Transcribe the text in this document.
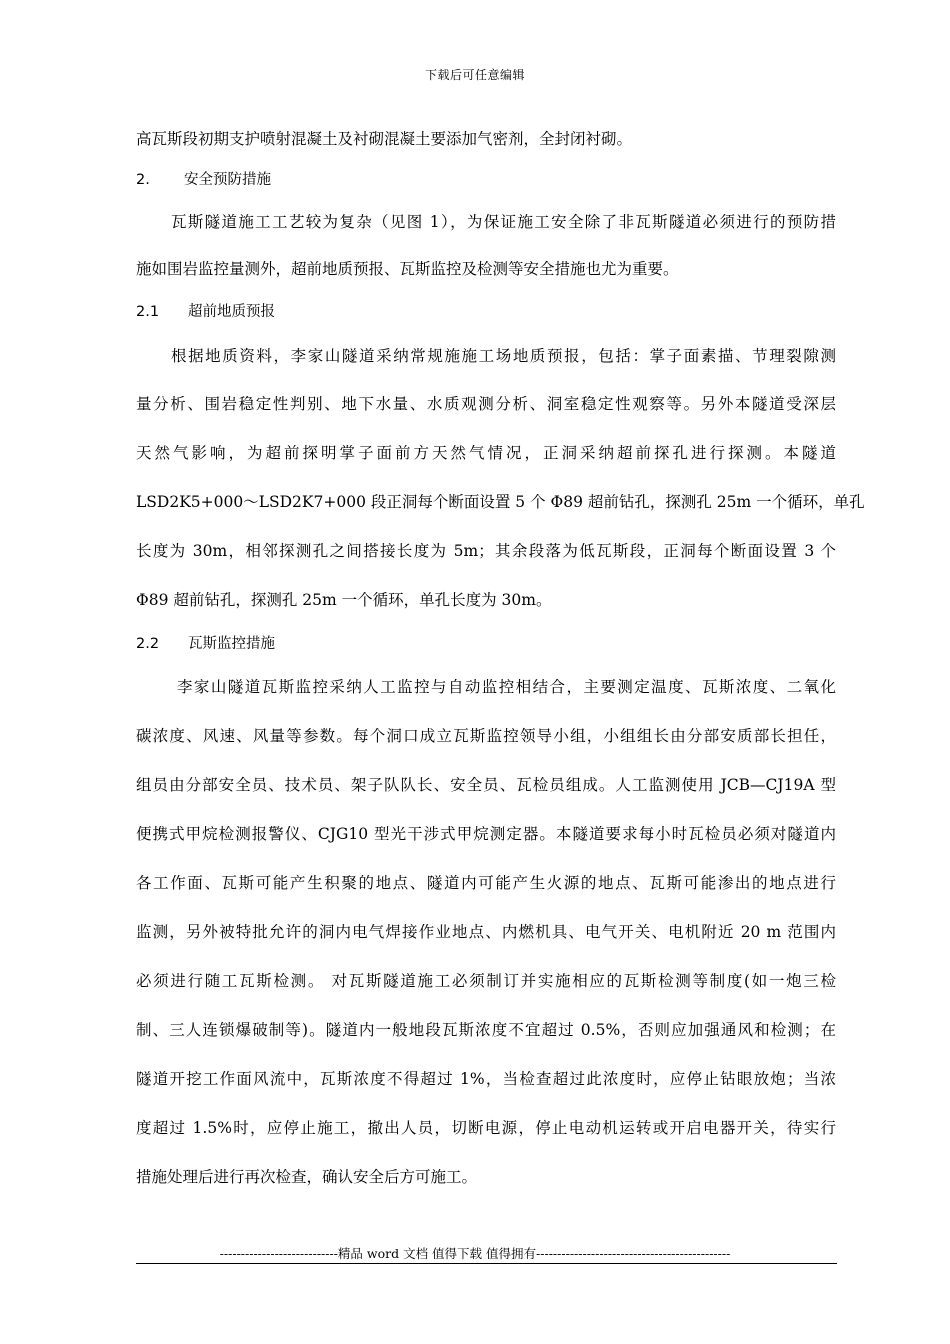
下载后可任意编辑
高瓦斯段初期支护喷射混凝土及衬砌混凝土要添加气密剂，全封闭衬砌。
2. 安全预防措施
瓦斯隧道施工工艺较为复杂（见图 1），为保证施工安全除了非瓦斯隧道必须进行的预防措
施如围岩监控量测外，超前地质预报、瓦斯监控及检测等安全措施也尤为重要。
2.1 超前地质预报
根据地质资料，李家山隧道采纳常规施施工场地质预报，包括：掌子面素描、节理裂隙测
量分析、围岩稳定性判别、地下水量、水质观测分析、洞室稳定性观察等。另外本隧道受深层
天然气影响，为超前探明掌子面前方天然气情况，正洞采纳超前探孔进行探测。本隧道
LSD2K5+000～LSD2K7+000 段正洞每个断面设置 5 个 Φ89 超前钻孔，探测孔 25m 一个循环，单孔
长度为 30m，相邻探测孔之间搭接长度为 5m；其余段落为低瓦斯段，正洞每个断面设置 3 个
Φ89 超前钻孔，探测孔 25m 一个循环，单孔长度为 30m。
2.2 瓦斯监控措施
李家山隧道瓦斯监控采纳人工监控与自动监控相结合，主要测定温度、瓦斯浓度、二氧化
碳浓度、风速、风量等参数。每个洞口成立瓦斯监控领导小组，小组组长由分部安质部长担任，
组员由分部安全员、技术员、架子队队长、安全员、瓦检员组成。人工监测使用 JCB—CJ19A 型
便携式甲烷检测报警仪、CJG10 型光干涉式甲烷测定器。本隧道要求每小时瓦检员必须对隧道内
各工作面、瓦斯可能产生积聚的地点、隧道内可能产生火源的地点、瓦斯可能渗出的地点进行
监测，另外被特批允许的洞内电气焊接作业地点、内燃机具、电气开关、电机附近 20 m 范围内
必须进行随工瓦斯检测。 对瓦斯隧道施工必须制订并实施相应的瓦斯检测等制度(如一炮三检
制、三人连锁爆破制等)。隧道内一般地段瓦斯浓度不宜超过 0.5%，否则应加强通风和检测；在
隧道开挖工作面风流中，瓦斯浓度不得超过 1%，当检查超过此浓度时，应停止钻眼放炮；当浓
度超过 1.5%时，应停止施工，撤出人员，切断电源，停止电动机运转或开启电器开关，待实行
措施处理后进行再次检查，确认安全后方可施工。
----------------------------精品 word 文档 值得下载 值得拥有----------------------------------------------
